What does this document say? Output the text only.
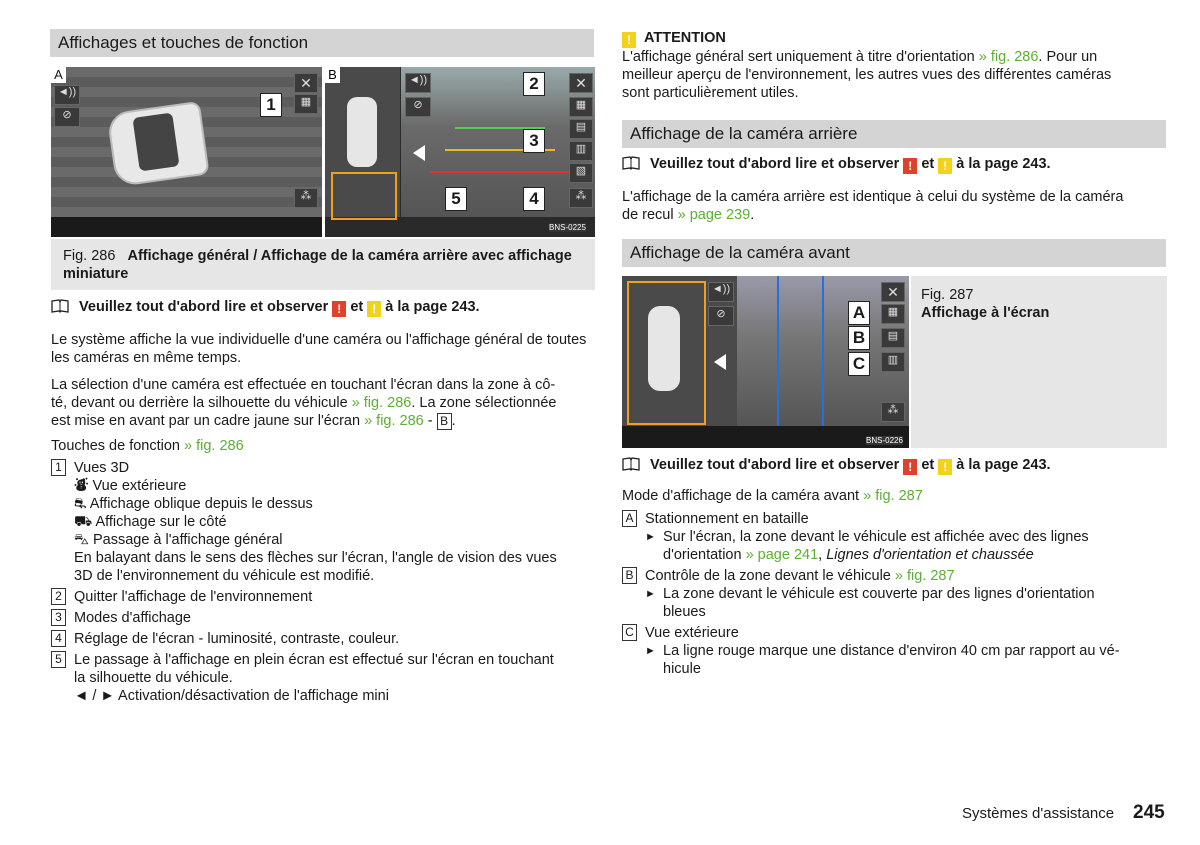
Affichages et touches de fonction
A
◄))
⊘
✕
▦
⁂
1
B	◄))
⊘
✕
▦
▤
▥
▧
⁂
2
3
4
5
BNS-0225
Fig. 286 Affichage général / Affichage de la caméra arrière avec affichage miniature
Veuillez tout d'abord lire et observer ! et ! à la page 243.

Le système affiche la vue individuelle d'une caméra ou l'affichage général de toutes les caméras en même temps.

La sélection d'une caméra est effectuée en touchant l'écran dans la zone à cô-
té, devant ou derrière la silhouette du véhicule » fig. 286. La zone sélectionnée
est mise en avant par un cadre jaune sur l'écran » fig. 286 - B .
Touches de fonction » fig. 286
1 Vues 3D
⛇ Vue extérieure
⛐ Affichage oblique depuis le dessus
⛟ Affichage sur le côté
⛍ Passage à l'affichage général
En balayant dans le sens des flèches sur l'écran, l'angle de vision des vues
3D de l'environnement du véhicule est modifié.
2 Quitter l'affichage de l'environnement
3 Modes d'affichage
4 Réglage de l'écran - luminosité, contraste, couleur.
5 Le passage à l'affichage en plein écran est effectué sur l'écran en touchant
la silhouette du véhicule.
◄ / ► Activation/désactivation de l'affichage mini
! ATTENTION
L'affichage général sert uniquement à titre d'orientation » fig. 286. Pour un
meilleur aperçu de l'environnement, les autres vues des différentes caméras
sont particulièrement utiles.
Affichage de la caméra arrière
Veuillez tout d'abord lire et observer ! et ! à la page 243.
L'affichage de la caméra arrière est identique à celui du système de la caméra
de recul » page 239.
Affichage de la caméra avant
◄))
⊘
✕
▦
▤
▥
⁂
A
B
C
BNS-0226
Fig. 287
Affichage à l'écran
Veuillez tout d'abord lire et observer ! et ! à la page 243.
Mode d'affichage de la caméra avant » fig. 287
A Stationnement en bataille
► Sur l'écran, la zone devant le véhicule est affichée avec des lignes
d'orientation » page 241, Lignes d'orientation et chaussée
B Contrôle de la zone devant le véhicule » fig. 287
► La zone devant le véhicule est couverte par des lignes d'orientation
bleues
C Vue extérieure
► La ligne rouge marque une distance d'environ 40 cm par rapport au vé-
hicule
Systèmes d'assistance 245
